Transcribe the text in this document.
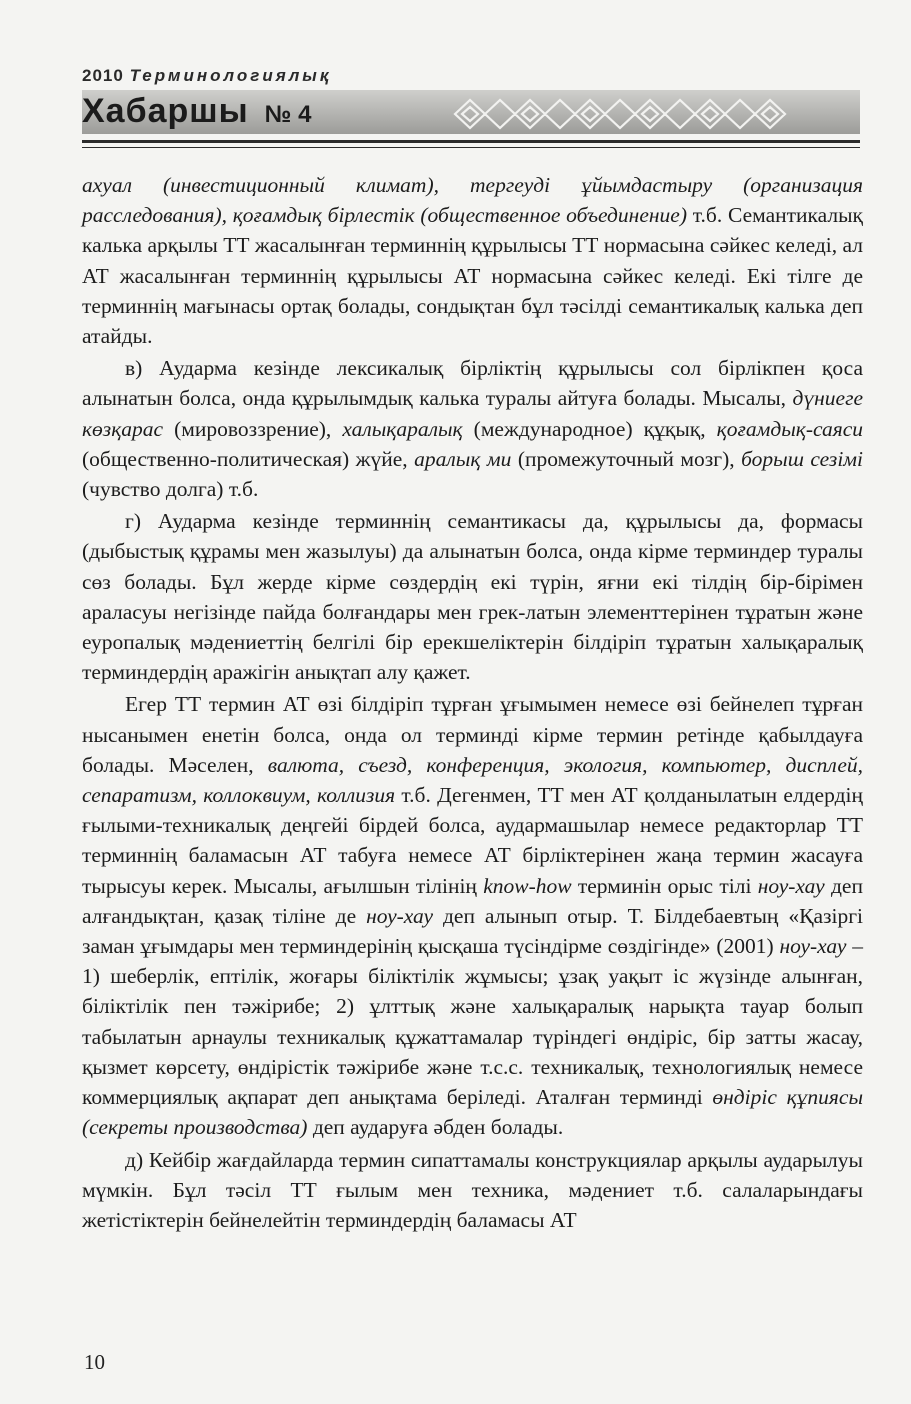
2010 Терминологиялық
Хабаршы № 4

ахуал (инвестиционный климат), тергеуді ұйымдастыру (организация расследования), қоғамдық бірлестік (общественное объединение) т.б. Семантикалық калька арқылы ТТ жасалынған терминнің құрылысы ТТ нормасына сәйкес келеді, ал АТ жасалынған терминнің құрылысы АТ нормасына сәйкес келеді. Екі тілге де терминнің мағынасы ортақ болады, сондықтан бұл тәсілді семантикалық калька деп атайды.

в) Аударма кезінде лексикалық бірліктің құрылысы сол бірлікпен қоса алынатын болса, онда құрылымдық калька туралы айтуға болады. Мысалы, дүниеге көзқарас (мировоззрение), халықаралық (международное) құқық, қоғамдық-саяси (общественно-политическая) жүйе, аралық ми (промежуточный мозг), борыш сезімі (чувство долга) т.б.

г) Аударма кезінде терминнің семантикасы да, құрылысы да, формасы (дыбыстық құрамы мен жазылуы) да алынатын болса, онда кірме терминдер туралы сөз болады. Бұл жерде кірме сөздердің екі түрін, яғни екі тілдің бір-бірімен араласуы негізінде пайда болғандары мен грек-латын элементтерінен тұратын және еуропалық мәдениеттің белгілі бір ерекшеліктерін білдіріп тұратын халықаралық терминдердің аражігін анықтап алу қажет.

Егер ТТ термин АТ өзі білдіріп тұрған ұғымымен немесе өзі бейнелеп тұрған нысанымен енетін болса, онда ол терминді кірме термин ретінде қабылдауға болады. Мәселен, валюта, съезд, конференция, экология, компьютер, дисплей, сепаратизм, коллоквиум, коллизия т.б. Дегенмен, ТТ мен АТ қолданылатын елдердің ғылыми-техникалық деңгейі бірдей болса, аудармашылар немесе редакторлар ТТ терминнің баламасын АТ табуға немесе АТ бірліктерінен жаңа термин жасауға тырысуы керек. Мысалы, ағылшын тілінің know-how терминін орыс тілі ноу-хау деп алғандықтан, қазақ тіліне де ноу-хау деп алынып отыр. Т. Білдебаевтың «Қазіргі заман ұғымдары мен терминдерінің қысқаша түсіндірме сөздігінде» (2001) ноу-хау – 1) шеберлік, ептілік, жоғары біліктілік жұмысы; ұзақ уақыт іс жүзінде алынған, біліктілік пен тәжірибе; 2) ұлттық және халықаралық нарықта тауар болып табылатын арнаулы техникалық құжаттамалар түріндегі өндіріс, бір затты жасау, қызмет көрсету, өндірістік тәжірибе және т.с.с. техникалық, технологиялық немесе коммерциялық ақпарат деп анықтама беріледі. Аталған терминді өндіріс құпиясы (секреты производства) деп аударуға әбден болады.

д) Кейбір жағдайларда термин сипаттамалы конструкциялар арқылы аударылуы мүмкін. Бұл тәсіл ТТ ғылым мен техника, мәдениет т.б. салаларындағы жетістіктерін бейнелейтін терминдердің баламасы АТ

10
